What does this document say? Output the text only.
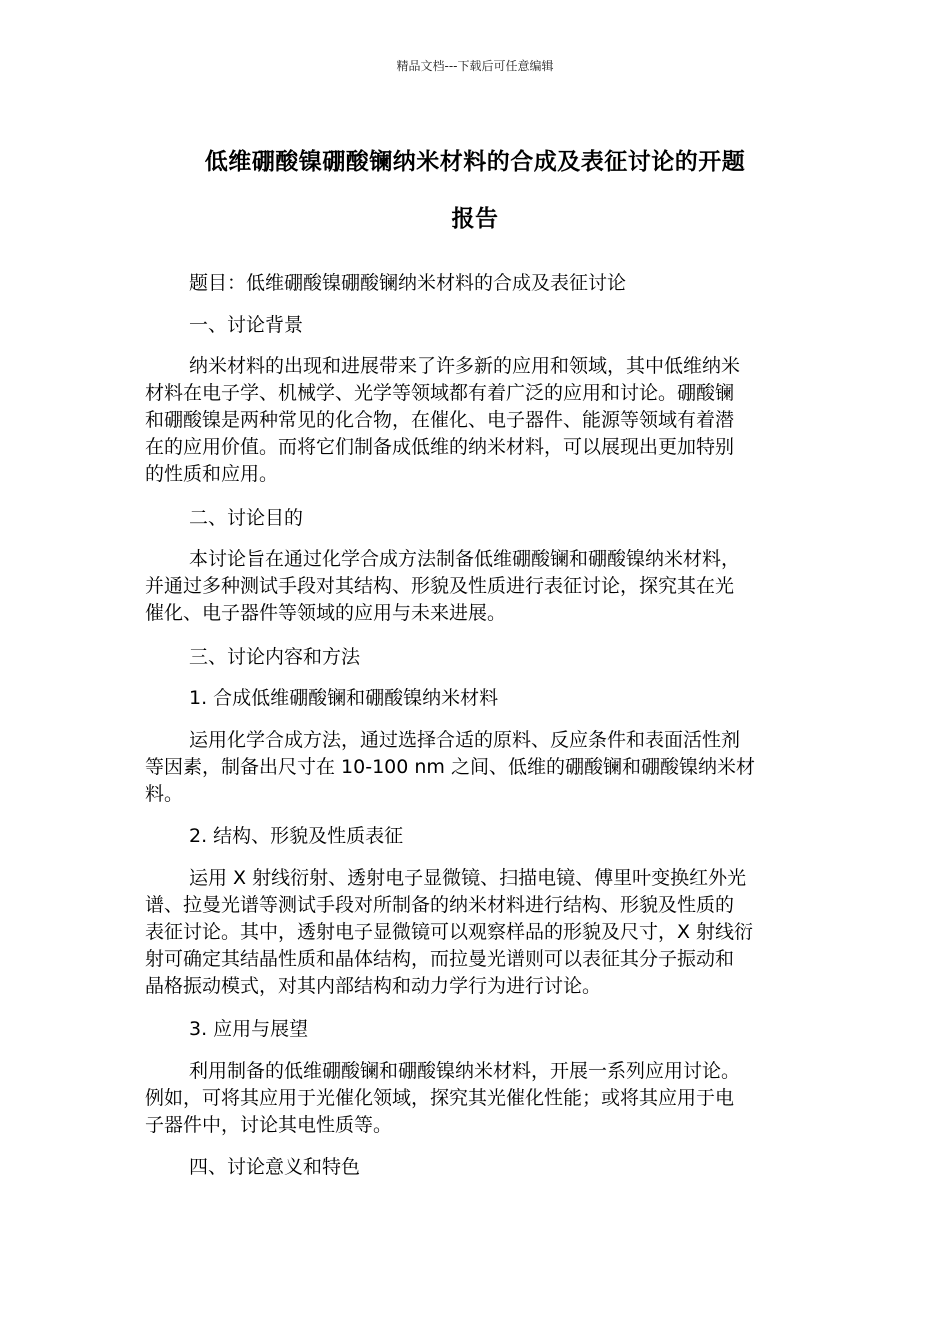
精品文档---下载后可任意编辑
低维硼酸镍硼酸镧纳米材料的合成及表征讨论的开题
报告
题目：低维硼酸镍硼酸镧纳米材料的合成及表征讨论
一、讨论背景
纳米材料的出现和进展带来了许多新的应用和领域，其中低维纳米
材料在电子学、机械学、光学等领域都有着广泛的应用和讨论。硼酸镧
和硼酸镍是两种常见的化合物，在催化、电子器件、能源等领域有着潜
在的应用价值。而将它们制备成低维的纳米材料，可以展现出更加特别
的性质和应用。
二、讨论目的
本讨论旨在通过化学合成方法制备低维硼酸镧和硼酸镍纳米材料，
并通过多种测试手段对其结构、形貌及性质进行表征讨论，探究其在光
催化、电子器件等领域的应用与未来进展。
三、讨论内容和方法
1. 合成低维硼酸镧和硼酸镍纳米材料
运用化学合成方法，通过选择合适的原料、反应条件和表面活性剂
等因素，制备出尺寸在 10-100 nm 之间、低维的硼酸镧和硼酸镍纳米材
料。
2. 结构、形貌及性质表征
运用 X 射线衍射、透射电子显微镜、扫描电镜、傅里叶变换红外光
谱、拉曼光谱等测试手段对所制备的纳米材料进行结构、形貌及性质的
表征讨论。其中，透射电子显微镜可以观察样品的形貌及尺寸，X 射线衍
射可确定其结晶性质和晶体结构，而拉曼光谱则可以表征其分子振动和
晶格振动模式，对其内部结构和动力学行为进行讨论。
3. 应用与展望
利用制备的低维硼酸镧和硼酸镍纳米材料，开展一系列应用讨论。
例如，可将其应用于光催化领域，探究其光催化性能；或将其应用于电
子器件中，讨论其电性质等。
四、讨论意义和特色
